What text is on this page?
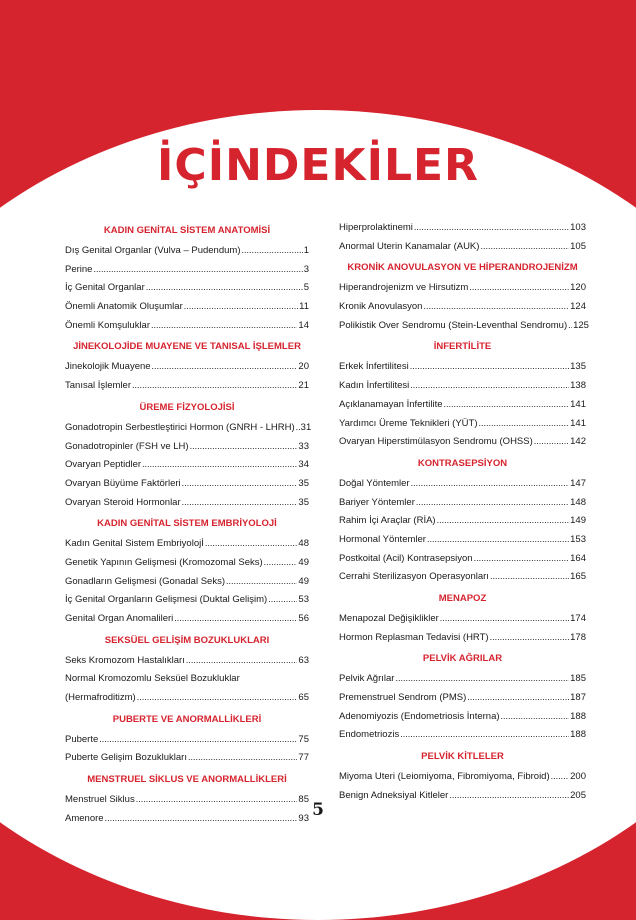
İÇİNDEKİLER
KADIN GENİTAL SİSTEM ANATOMİSİ
Dış Genital Organlar (Vulva – Pudendum) .....	1
Perine .....	3
İç Genital Organlar .....	5
Önemli Anatomik Oluşumlar .....	11
Önemli Komşuluklar .....	14
JİNEKOLOJİDE MUAYENE VE TANISAL İŞLEMLER
Jinekolojik Muayene .....	20
Tanısal İşlemler .....	21
ÜREME FİZYOLOJİSİ
Gonadotropin Serbestleştirici Hormon (GNRH - LHRH) ..... 31
Gonadotropinler (FSH ve LH) .....	33
Ovaryan Peptidler .....	34
Ovaryan Büyüme Faktörleri .....	35
Ovaryan Steroid Hormonlar .....	35
KADIN GENİTAL SİSTEM EMBRİYOLOJİ
Kadın Genital Sistem Embriyolojİ .....	48
Genetik Yapının Gelişmesi (Kromozomal Seks) .....	49
Gonadların Gelişmesi (Gonadal Seks) .....	49
İç Genital Organların Gelişmesi (Duktal Gelişim) .....	53
Genital Organ Anomalileri .....	56
SEKSÜEL GELİŞİM BOZUKLUKLARI
Seks Kromozom Hastalıkları .....	63
Normal Kromozomlu Seksüel Bozukluklar
(Hermafroditizm) .....	65
PUBERTE VE ANORMALLİKLERİ
Puberte .....	75
Puberte Gelişim Bozuklukları .....	77
MENSTRUEL SİKLUS VE ANORMALLİKLERİ
Menstruel Siklus .....	85
Amenore .....	93
Hiperprolaktinemi .....	103
Anormal Uterin Kanamalar (AUK) .....	105
KRONİK ANOVULASYON VE HİPERANDROJENİZM
Hiperandrojenizm ve Hirsutizm .....	120
Kronik Anovulasyon .....	124
Polikistik Over Sendromu (Stein-Leventhal Sendromu) ..... 125
İNFERTİLİTE
Erkek İnfertilitesi .....	135
Kadın İnfertilitesi .....	138
Açıklanamayan İnfertilite .....	141
Yardımcı Üreme Teknikleri (YÜT) .....	141
Ovaryan Hiperstimülasyon Sendromu (OHSS) .....	142
KONTRASEPSİYON
Doğal Yöntemler .....	147
Bariyer Yöntemler .....	148
Rahim İçi Araçlar (RİA) .....	149
Hormonal Yöntemler .....	153
Postkoital (Acil) Kontrasepsiyon .....	164
Cerrahi Sterilizasyon Operasyonları .....	165
MENAPOZ
Menapozal Değişiklikler .....	174
Hormon Replasman Tedavisi (HRT) .....	178
PELVİK AĞRILAR
Pelvik Ağrılar .....	185
Premenstruel Sendrom (PMS) .....	187
Adenomiyozis (Endometriosis İnterna) .....	188
Endometriozis .....	188
PELVİK KİTLELER
Miyoma Uteri (Leiomiyoma, Fibromiyoma, Fibroid) ..... 200
Benign Adneksiyal Kitleler .....	205
5
